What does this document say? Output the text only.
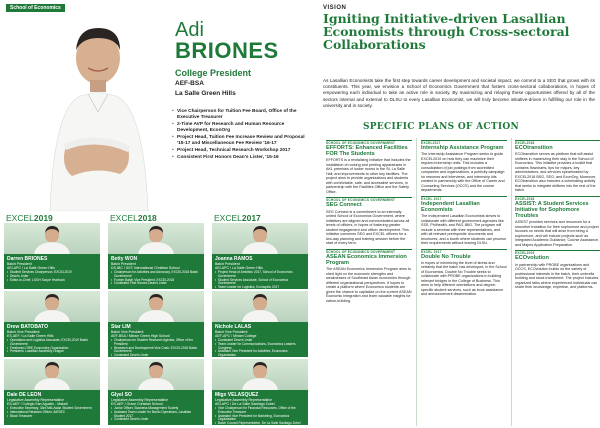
School of Economics
Adi
BRIONES
College President
AEF-BSA
La Salle Green Hills
• Vice Chairperson for Tuition Fee Board, Office of the Executive Treasurer
• 2-Time AVP for Research and Human Resource Development, EconOrg
• Project Head, Tuition Fee Increase Review and Proposal '15-17 and Miscellaneous Fee Review '16-17
• Project Head, Technical Research Workshop 2017
• Consistent First Honors Dean's Lister, '15-16
EXCEL2019	EXCEL2018	EXCEL2017
Darren BRIONES
Batch President
AEI-APC / La Salle Green Hills
• Student Services Chairperson, EXCEL2019
• Dean's Lister
• Editor-in-Chief, LSGH Scope Yearbook
Betty WON
Batch President
DS-IBC / SGT International Christian School
• Chairperson for Activities and Advocacy, EXCEL2018 Batch Government
• Former Batch Vice President, EXCEL2018
• Consistent First Honors Dean's Lister
Joanna RAMOS
Batch President
AEI-APC / La Salle Green Hills
• Project Head of Ambition 2017, School of Economics Government
• Student Services Associate, School of Economics Government
• Team Leader for Logistics, Econspirio 2017
•
Drew BATOBATO
Batch Vice President
ES-AEF / La Salle Green Hills
• Operations and Logistics Associate, EXCEL2019 Batch Government
• Freshmen ORIE Economics Organization
• President, Lasallian Assembly League
Star LIM
Batch Vice President
AEF-BSA / Miriam Green High School
• Chairperson for Student Research Agenda, Office of the President
• Research and Development Vice Chair, EXCEL2018 Batch Government
• Consistent Dean's Lister
Nichole LALAS
Batch Vice President
AEF-APC / Miriam College
• Consistent Dean's Lister
• Team Leader for Communications, Economics Leaders Congress
• Assistant Vice President for Activities, Economics Organization
Dale DE LEON
Legislative Assembly Representative
ES-AEF / Colegio San Agustin - Makati
• Executive Secretary, 33rd Mid-Asian Student Government
• International Relations Officer, AIESEC
• Block Treasurer
Glyel SO
Legislative Assembly Representative
ES-AEF / Grace Christian School
• Junior Officer, Business Management Society
• Assistant Team Leader for Barrio Operations, Lasallian Student 2017
• Consistent Dean's Lister
Migx VELASQUEZ
Legislative Assembly Representative
AEI-APC / De La Salle Santiago Zobel
• Vice Chairperson for Financial Resources, Office of the Executive Treasurer
• Assistant Vice President for Marketing, Economics Organization
• Batch Council Representative, De La Salle Santiago Zobel
VISION
Igniting Initiative-driven Lasallian Economists through Cross-sectoral Collaborations
As Lasallian Economists take the first step towards career development and societal impact, we commit to a SEG that grows with its constituents. This year, we envision a School of Economics Government that fosters cross-sectoral collaborations, in hopes of empowering each individual to take an active role in society. By maximizing and relaying these opportunities offered by all of the sectors internal and external to DLSU to every Lasallian Economist, we will truly become initiative-driven in fulfilling our role in the university and in society.
SPECIFIC PLANS OF ACTION
SCHOOL OF ECONOMICS GOVERNMENT
EFFORTS: Enhanced Facilities FOR The Students
EFFORTS is a revitalizing initiative that includes the installation of rooking and printing apparatuses in AKL premises of locker rooms in the St. La Salle Hall, and improvements to other key facilities. The project aims to provide organizations and students with comfortable, safe, and accessible services, in partnership with the Facilities Office and the Safety Office.
SCHOOL OF ECONOMICS GOVERNMENT
SEG Connect
SEG Connect is a commitment to an internally united School of Economics Government, where initiatives are aligned and communicated across all levels of officers, in hopes of fostering greater student engagement and officer development. This initiative convenes SEG and EXCEL officers for a two-day planning and training session before the start of every term.
SCHOOL OF ECONOMICS GOVERNMENT
ASEAN Economics Immersion Program
The ASEAN Economics Immersion Program aims to shed light on the economic strengths and weaknesses of Southeast Asian economies through different organizational perspectives. It hopes to create a platform where Economics students are given the chance to capitalize on the current ASEAN Economic Integration and learn valuable insights for nation-building.
EXCEL2017
Internship Assistance Program
The Internship Assistance Program seeks to guide EXCEL2019 on how they can maximize their required internship units. This includes a consolidation of job postings from accredited companies and organizations, a publicity campaign on resumes and interviews, and internship kits created in partnership with the Office of Career and Counseling Services (OCCS) and the course departments.
EXCEL 2017
Independent Lasallian Economists
The Independent Lasallian Economists strives to collaborate with different government agencies like SSS, Philhealth, and PAG-IBIG. The program will include a seminar with their representatives, and with all relevant prerequisite documents and brochures, and a booth where students can process their requirements without leaving DLSU.
EXCEL 2017
Double No Trouble
In hopes of minimizing the level of stress and certainty that the batch has developed, in the School of Economics, Double No Trouble seeks to collaborate with PROBE organizations in building relevant bridges in the College of Business. This aims to help different orientations and degree-specific student services, such as book assistance and announcement dissemination.
EXCEL2018
ECOtransition
ECOtransition serves as platform that will assist shiftees in maximizing their stay in the School of Economics. This initiative provides a toolkit that contains flowcharts, tips for majors, key administrators, and services spearheaded by EXCEL2018 BSG, SEG, and EconOrg. Moreover, ECOtransition also includes a culminating activity that seeks to integrate shiftees into the rest of the batch.
EXCEL2018
ASSIST: A Student Services Initiative for Sophomore Troubles
ASSIST provides services and resources for a smoother transition for their sophomore and project focuses on needs that will arise from being a sophomore, and will include projects such as Integrated Academic Guidance, Course Assistance, and Majors Application Preparation.
EXCEL2019
ECOvolution
In partnership with PROBE organizations and OCCS, ECOvolution builds on the variety of professional interests in the batch, their umbrella building and stock investment. The project includes organized talks where experienced individuals can share their knowledge, expertise, and platforms.
